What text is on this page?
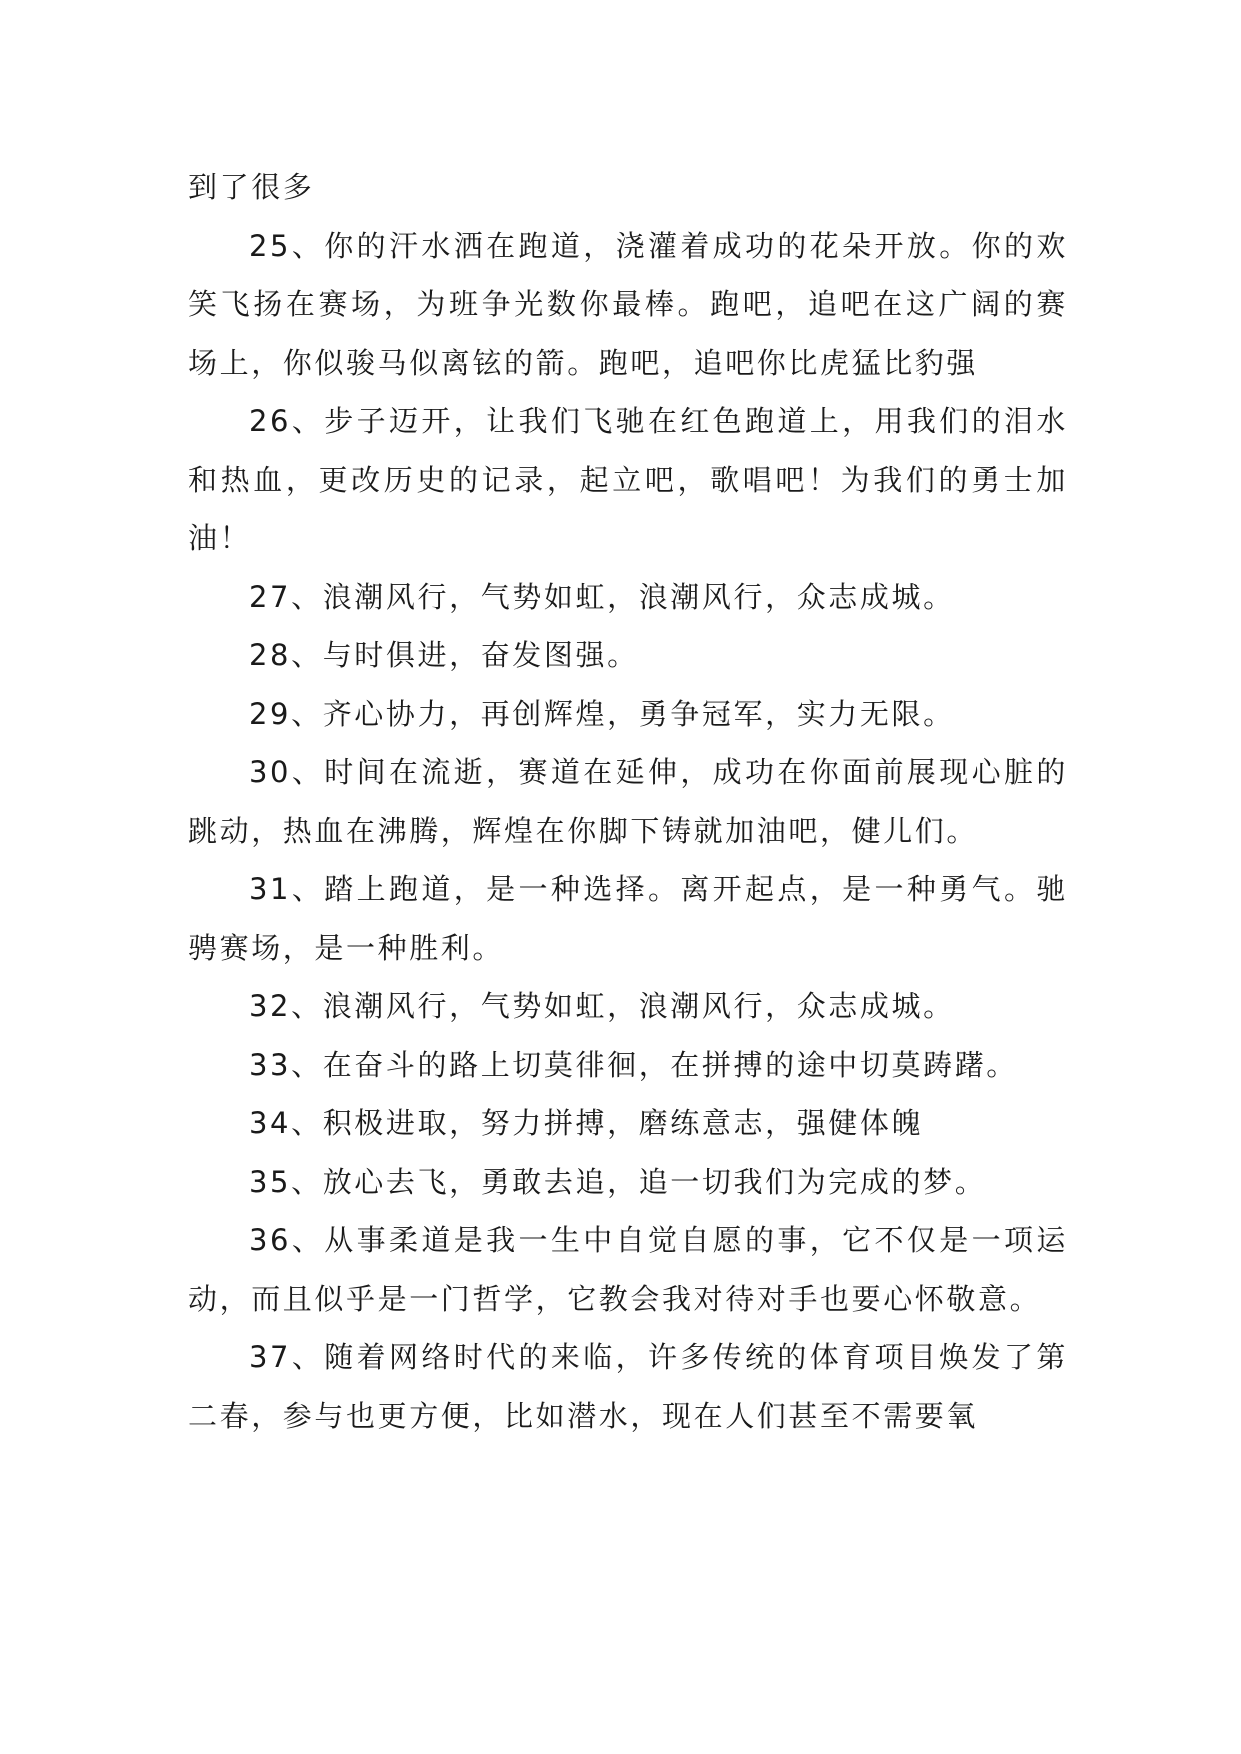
到了很多

25、你的汗水洒在跑道，浇灌着成功的花朵开放。你的欢笑飞扬在赛场，为班争光数你最棒。跑吧，追吧在这广阔的赛场上，你似骏马似离铉的箭。跑吧，追吧你比虎猛比豹强

26、步子迈开，让我们飞驰在红色跑道上，用我们的泪水和热血，更改历史的记录，起立吧，歌唱吧！为我们的勇士加油！

27、浪潮风行，气势如虹，浪潮风行，众志成城。

28、与时俱进，奋发图强。

29、齐心协力，再创辉煌，勇争冠军，实力无限。

30、时间在流逝，赛道在延伸，成功在你面前展现心脏的跳动，热血在沸腾，辉煌在你脚下铸就加油吧，健儿们。

31、踏上跑道，是一种选择。离开起点，是一种勇气。驰骋赛场，是一种胜利。

32、浪潮风行，气势如虹，浪潮风行，众志成城。

33、在奋斗的路上切莫徘徊，在拼搏的途中切莫踌躇。

34、积极进取，努力拼搏，磨练意志，强健体魄

35、放心去飞，勇敢去追，追一切我们为完成的梦。

36、从事柔道是我一生中自觉自愿的事，它不仅是一项运动，而且似乎是一门哲学，它教会我对待对手也要心怀敬意。

37、随着网络时代的来临，许多传统的体育项目焕发了第二春，参与也更方便，比如潜水，现在人们甚至不需要氧
